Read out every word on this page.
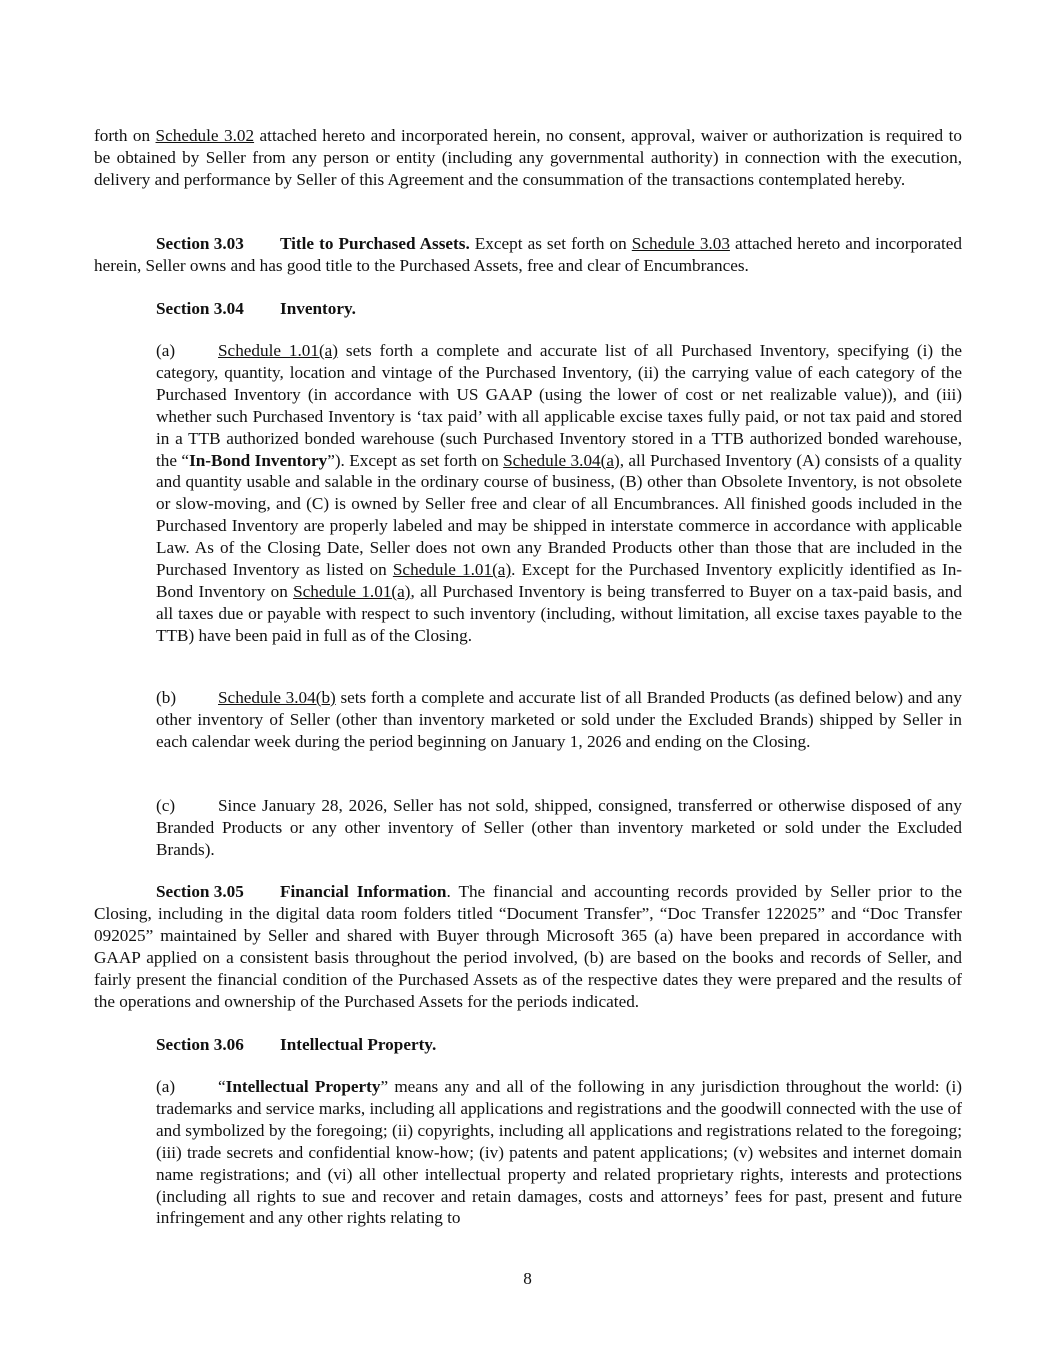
forth on Schedule 3.02 attached hereto and incorporated herein, no consent, approval, waiver or authorization is required to be obtained by Seller from any person or entity (including any governmental authority) in connection with the execution, delivery and performance by Seller of this Agreement and the consummation of the transactions contemplated hereby.

Section 3.03 Title to Purchased Assets. Except as set forth on Schedule 3.03 attached hereto and incorporated herein, Seller owns and has good title to the Purchased Assets, free and clear of Encumbrances.

Section 3.04 Inventory.

(a) Schedule 1.01(a) sets forth a complete and accurate list of all Purchased Inventory, specifying (i) the category, quantity, location and vintage of the Purchased Inventory, (ii) the carrying value of each category of the Purchased Inventory (in accordance with US GAAP (using the lower of cost or net realizable value)), and (iii) whether such Purchased Inventory is ‘tax paid’ with all applicable excise taxes fully paid, or not tax paid and stored in a TTB authorized bonded warehouse (such Purchased Inventory stored in a TTB authorized bonded warehouse, the “In-Bond Inventory”). Except as set forth on Schedule 3.04(a), all Purchased Inventory (A) consists of a quality and quantity usable and salable in the ordinary course of business, (B) other than Obsolete Inventory, is not obsolete or slow-moving, and (C) is owned by Seller free and clear of all Encumbrances. All finished goods included in the Purchased Inventory are properly labeled and may be shipped in interstate commerce in accordance with applicable Law. As of the Closing Date, Seller does not own any Branded Products other than those that are included in the Purchased Inventory as listed on Schedule 1.01(a). Except for the Purchased Inventory explicitly identified as In-Bond Inventory on Schedule 1.01(a), all Purchased Inventory is being transferred to Buyer on a tax-paid basis, and all taxes due or payable with respect to such inventory (including, without limitation, all excise taxes payable to the TTB) have been paid in full as of the Closing.

(b) Schedule 3.04(b) sets forth a complete and accurate list of all Branded Products (as defined below) and any other inventory of Seller (other than inventory marketed or sold under the Excluded Brands) shipped by Seller in each calendar week during the period beginning on January 1, 2026 and ending on the Closing.

(c) Since January 28, 2026, Seller has not sold, shipped, consigned, transferred or otherwise disposed of any Branded Products or any other inventory of Seller (other than inventory marketed or sold under the Excluded Brands).

Section 3.05 Financial Information. The financial and accounting records provided by Seller prior to the Closing, including in the digital data room folders titled “Document Transfer”, “Doc Transfer 122025” and “Doc Transfer 092025” maintained by Seller and shared with Buyer through Microsoft 365 (a) have been prepared in accordance with GAAP applied on a consistent basis throughout the period involved, (b) are based on the books and records of Seller, and fairly present the financial condition of the Purchased Assets as of the respective dates they were prepared and the results of the operations and ownership of the Purchased Assets for the periods indicated.

Section 3.06 Intellectual Property.

(a) “Intellectual Property” means any and all of the following in any jurisdiction throughout the world: (i) trademarks and service marks, including all applications and registrations and the goodwill connected with the use of and symbolized by the foregoing; (ii) copyrights, including all applications and registrations related to the foregoing; (iii) trade secrets and confidential know-how; (iv) patents and patent applications; (v) websites and internet domain name registrations; and (vi) all other intellectual property and related proprietary rights, interests and protections (including all rights to sue and recover and retain damages, costs and attorneys’ fees for past, present and future infringement and any other rights relating to

8
